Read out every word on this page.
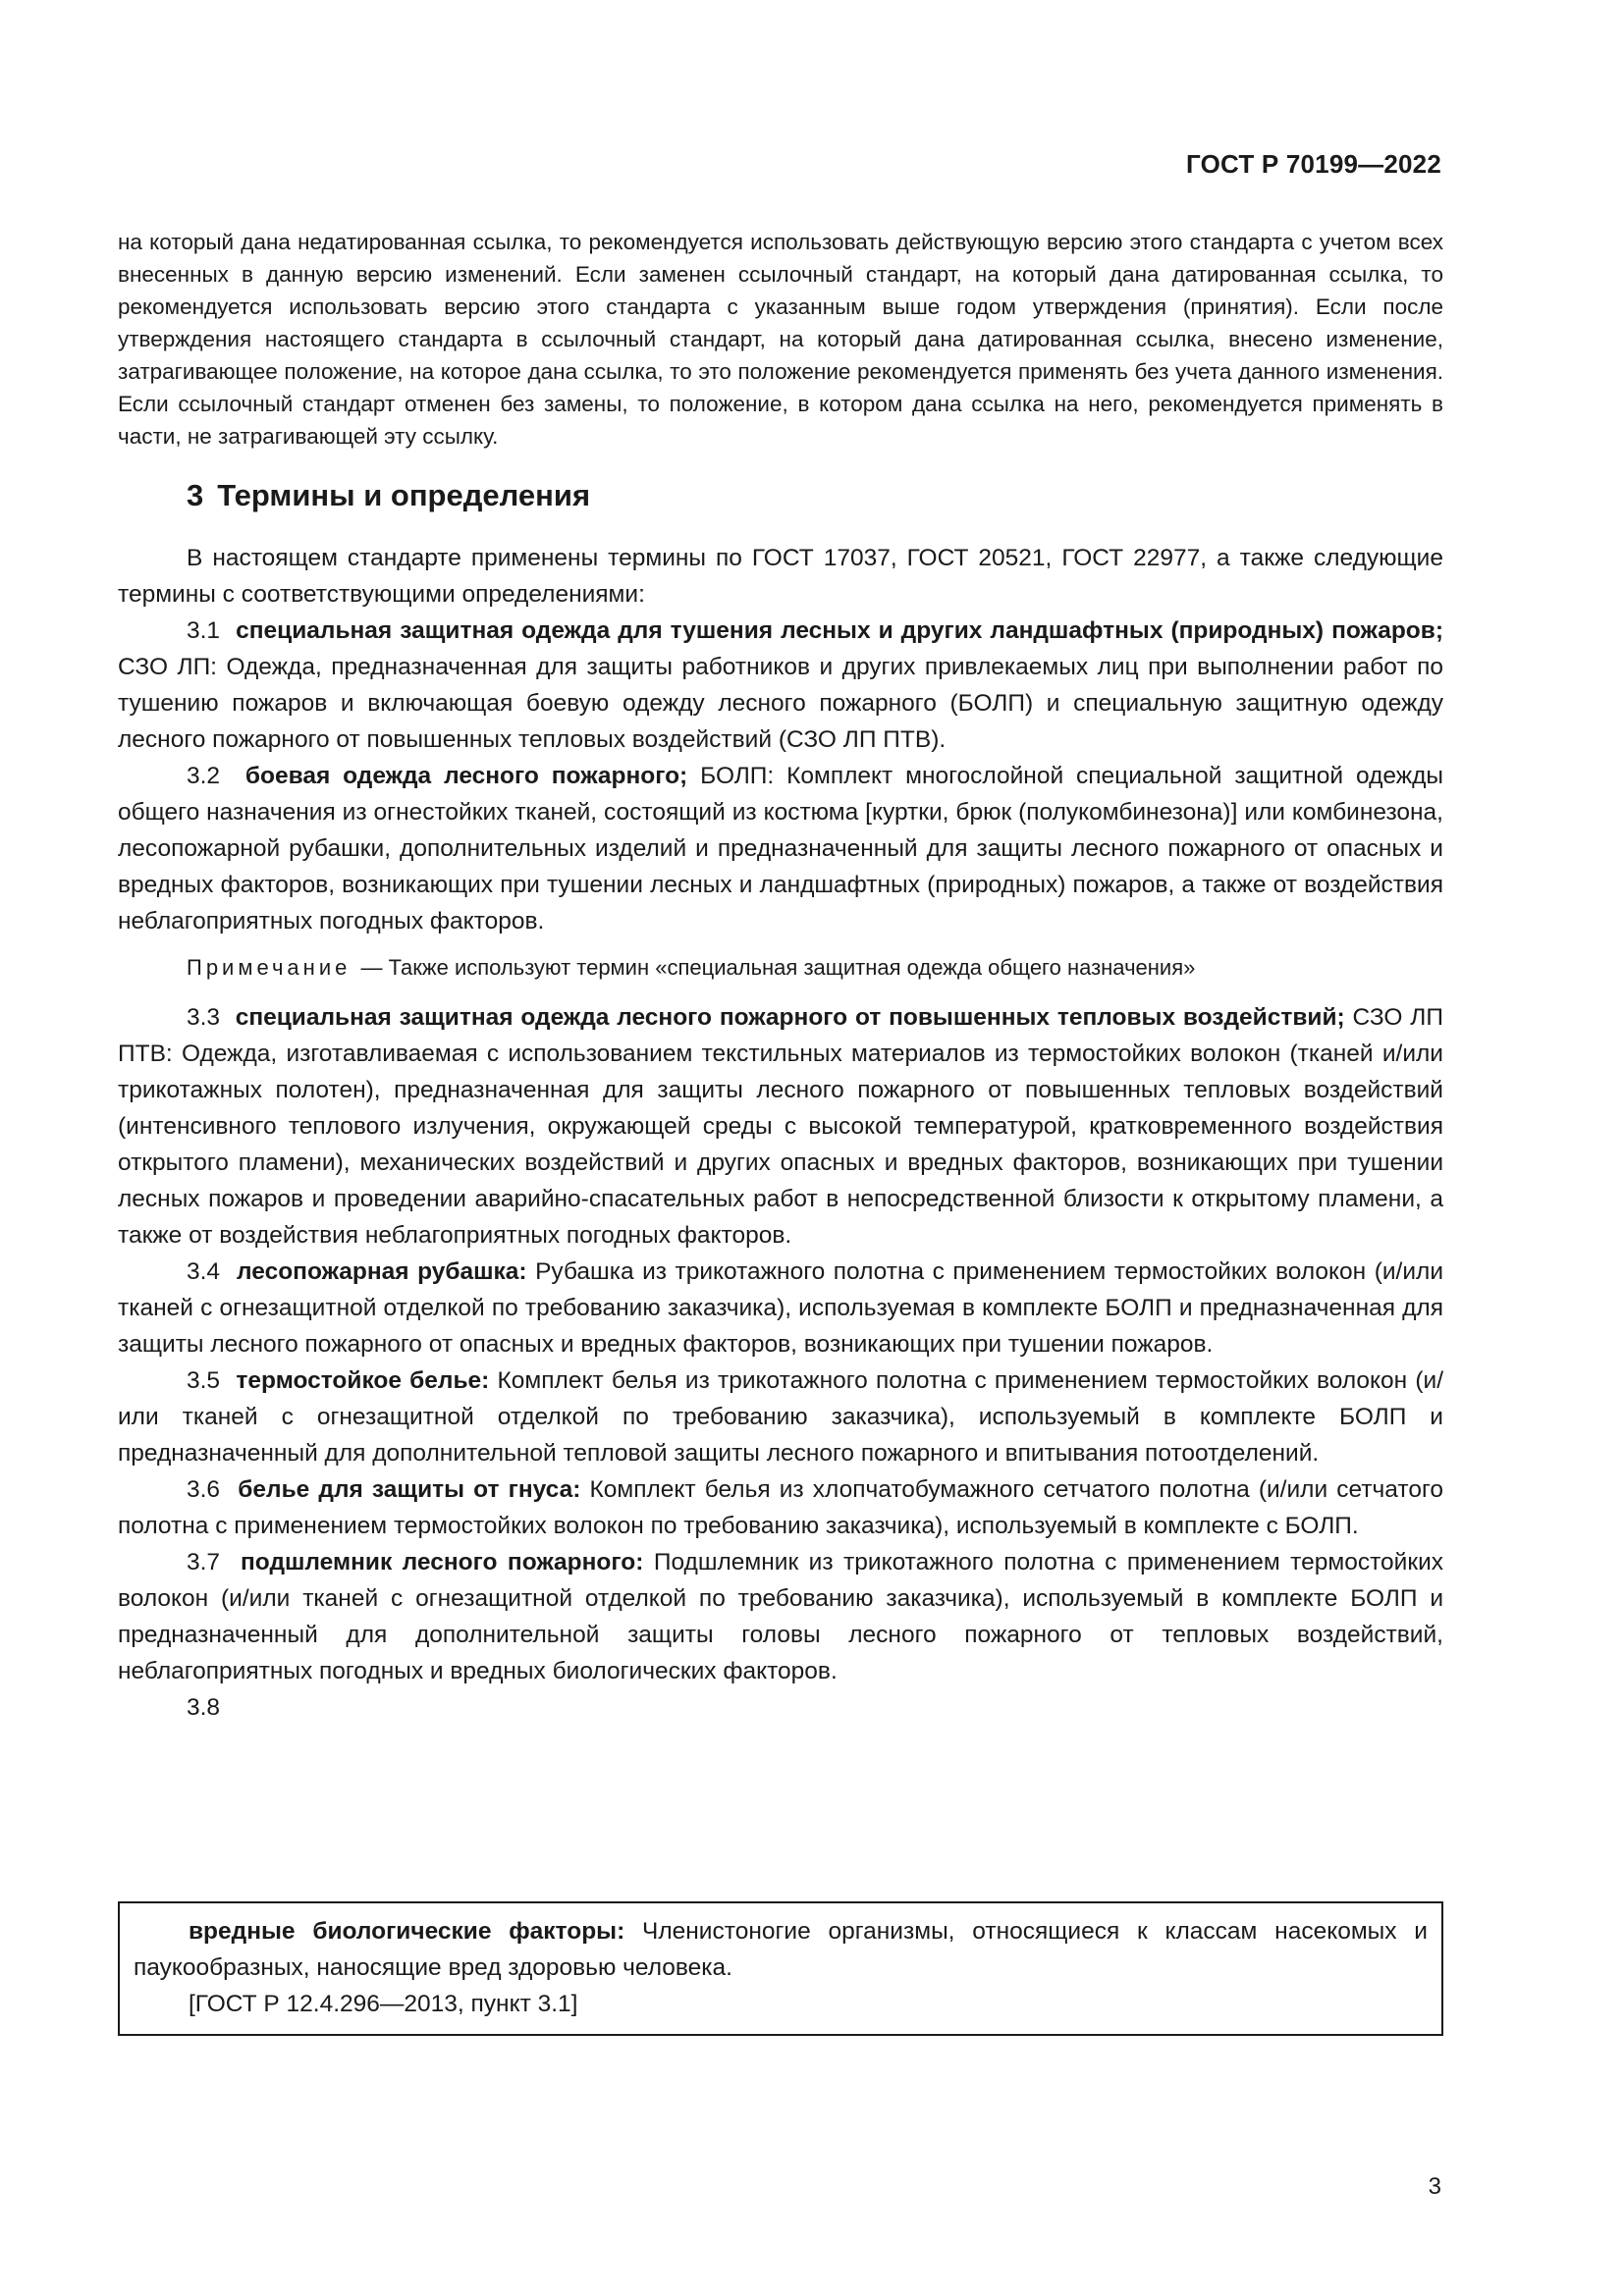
ГОСТ Р 70199—2022
на который дана недатированная ссылка, то рекомендуется использовать действующую версию этого стандарта с учетом всех внесенных в данную версию изменений. Если заменен ссылочный стандарт, на который дана датированная ссылка, то рекомендуется использовать версию этого стандарта с указанным выше годом утверждения (принятия). Если после утверждения настоящего стандарта в ссылочный стандарт, на который дана датированная ссылка, внесено изменение, затрагивающее положение, на которое дана ссылка, то это положение рекомендуется применять без учета данного изменения. Если ссылочный стандарт отменен без замены, то положение, в котором дана ссылка на него, рекомендуется применять в части, не затрагивающей эту ссылку.
3 Термины и определения

В настоящем стандарте применены термины по ГОСТ 17037, ГОСТ 20521, ГОСТ 22977, а также следующие термины с соответствующими определениями:

3.1 специальная защитная одежда для тушения лесных и других ландшафтных (природных) пожаров; СЗО ЛП: Одежда, предназначенная для защиты работников и других привлекаемых лиц при выполнении работ по тушению пожаров и включающая боевую одежду лесного пожарного (БОЛП) и специальную защитную одежду лесного пожарного от повышенных тепловых воздействий (СЗО ЛП ПТВ).

3.2 боевая одежда лесного пожарного; БОЛП: Комплект многослойной специальной защитной одежды общего назначения из огнестойких тканей, состоящий из костюма [куртки, брюк (полукомбинезона)] или комбинезона, лесопожарной рубашки, дополнительных изделий и предназначенный для защиты лесного пожарного от опасных и вредных факторов, возникающих при тушении лесных и ландшафтных (природных) пожаров, а также от воздействия неблагоприятных погодных факторов.

Примечание — Также используют термин «специальная защитная одежда общего назначения»

3.3 специальная защитная одежда лесного пожарного от повышенных тепловых воздействий; СЗО ЛП ПТВ: Одежда, изготавливаемая с использованием текстильных материалов из термостойких волокон (тканей и/или трикотажных полотен), предназначенная для защиты лесного пожарного от повышенных тепловых воздействий (интенсивного теплового излучения, окружающей среды с высокой температурой, кратковременного воздействия открытого пламени), механических воздействий и других опасных и вредных факторов, возникающих при тушении лесных пожаров и проведении аварийно-спасательных работ в непосредственной близости к открытому пламени, а также от воздействия неблагоприятных погодных факторов.

3.4 лесопожарная рубашка: Рубашка из трикотажного полотна с применением термостойких волокон (и/или тканей с огнезащитной отделкой по требованию заказчика), используемая в комплекте БОЛП и предназначенная для защиты лесного пожарного от опасных и вредных факторов, возникающих при тушении пожаров.

3.5 термостойкое белье: Комплект белья из трикотажного полотна с применением термостойких волокон (и/или тканей с огнезащитной отделкой по требованию заказчика), используемый в комплекте БОЛП и предназначенный для дополнительной тепловой защиты лесного пожарного и впитывания потоотделений.

3.6 белье для защиты от гнуса: Комплект белья из хлопчатобумажного сетчатого полотна (и/или сетчатого полотна с применением термостойких волокон по требованию заказчика), используемый в комплекте с БОЛП.

3.7 подшлемник лесного пожарного: Подшлемник из трикотажного полотна с применением термостойких волокон (и/или тканей с огнезащитной отделкой по требованию заказчика), используемый в комплекте БОЛП и предназначенный для дополнительной защиты головы лесного пожарного от тепловых воздействий, неблагоприятных погодных и вредных биологических факторов.

3.8

вредные биологические факторы: Членистоногие организмы, относящиеся к классам насекомых и паукообразных, наносящие вред здоровью человека.

[ГОСТ Р 12.4.296—2013, пункт 3.1]

3
